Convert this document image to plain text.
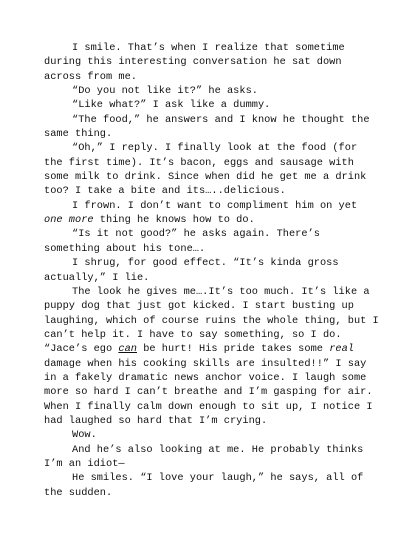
I smile. That’s when I realize that sometime during this interesting conversation he sat down across from me.

“Do you not like it?” he asks.

“Like what?” I ask like a dummy.

“The food,” he answers and I know he thought the same thing.

“Oh,” I reply. I finally look at the food (for the first time). It’s bacon, eggs and sausage with some milk to drink. Since when did he get me a drink too? I take a bite and its…..delicious.

I frown. I don’t want to compliment him on yet one more thing he knows how to do.

“Is it not good?” he asks again. There’s something about his tone….

I shrug, for good effect. “It’s kinda gross actually,” I lie.

The look he gives me….It’s too much. It’s like a puppy dog that just got kicked. I start busting up laughing, which of course ruins the whole thing, but I can’t help it. I have to say something, so I do. “Jace’s ego can be hurt! His pride takes some real damage when his cooking skills are insulted!!” I say in a fakely dramatic news anchor voice. I laugh some more so hard I can’t breathe and I’m gasping for air. When I finally calm down enough to sit up, I notice I had laughed so hard that I’m crying.

Wow.

And he’s also looking at me. He probably thinks I’m an idiot—

He smiles. “I love your laugh,” he says, all of the sudden.
